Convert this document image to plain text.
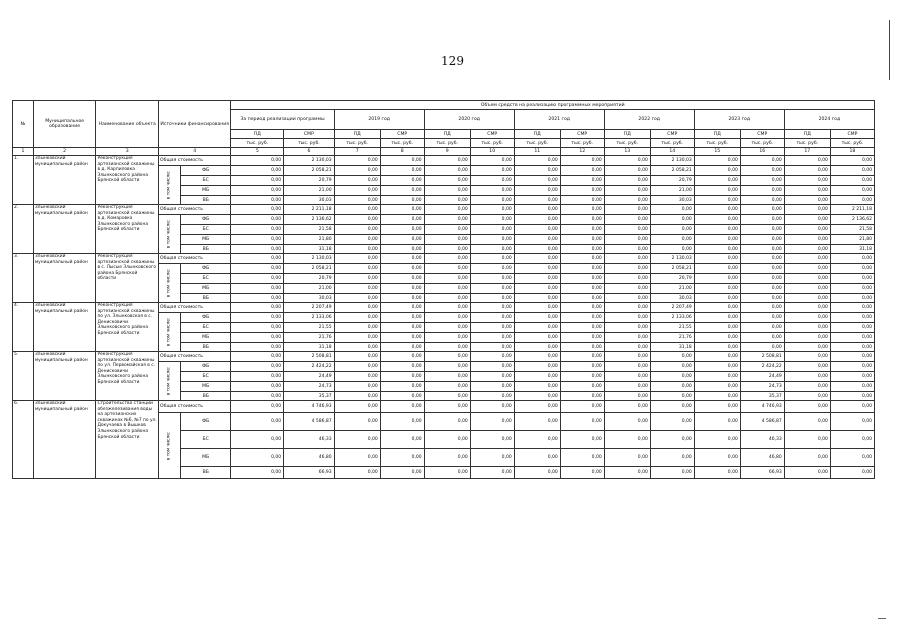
129
№	Муниципальное образование	Наименование объекта	Источники финансирования		Объем средств на реализацию программных мероприятий													
					За период реализации программы		2019 год		2020 год		2021 год		2022 год		2023 год		2024 год	
					ПД	СМР	ПД	СМР	ПД	СМР	ПД	СМР	ПД	СМР	ПД	СМР	ПД	СМР
					тыс. руб.	тыс. руб.	тыс. руб.	тыс. руб.	тыс. руб.	тыс. руб.	тыс. руб.	тыс. руб.	тыс. руб.	тыс. руб.	тыс. руб.	тыс. руб.	тыс. руб.	тыс. руб.
1	2	3	4		5	6	7	8	9	10	11	12	13	14	15	16	17	18
1.	Злынковский муниципальный район	Реконструкция артезианской скважины в д. Карпиловка Злынковского района Брянской области	Общая стоимость		0,00	2 130,03	0,00	0,00	0,00	0,00	0,00	0,00	0,00	2 130,03	0,00	0,00	0,00	0,00

			в том числе:	ФБ	0,00	2 058,21	0,00	0,00	0,00	0,00	0,00	0,00	0,00	2 058,21	0,00	0,00	0,00	0,00
				БС	0,00	20,79	0,00	0,00	0,00	0,00	0,00	0,00	0,00	20,79	0,00	0,00	0,00	0,00
				МБ	0,00	21,00	0,00	0,00	0,00	0,00	0,00	0,00	0,00	21,00	0,00	0,00	0,00	0,00
				ВБ	0,00	30,03	0,00	0,00	0,00	0,00	0,00	0,00	0,00	30,03	0,00	0,00	0,00	0,00
2.	Злынковский муниципальный район	Реконструкция артезианской скважины в д. Комаровка Злынковского района Брянской области	Общая стоимость		0,00	2 211,18	0,00	0,00	0,00	0,00	0,00	0,00	0,00	0,00	0,00	0,00	0,00	2 211,18

			в том числе:	ФБ	0,00	2 136,62	0,00	0,00	0,00	0,00	0,00	0,00	0,00	0,00	0,00	0,00	0,00	2 136,62
				БС	0,00	21,58	0,00	0,00	0,00	0,00	0,00	0,00	0,00	0,00	0,00	0,00	0,00	21,58
				МБ	0,00	21,80	0,00	0,00	0,00	0,00	0,00	0,00	0,00	0,00	0,00	0,00	0,00	21,80
				ВБ	0,00	31,18	0,00	0,00	0,00	0,00	0,00	0,00	0,00	0,00	0,00	0,00	0,00	31,18
3.	Злынковский муниципальный район	Реконструкция артезианской скважины в с. Лысые Злынковского района Брянской области	Общая стоимость		0,00	2 130,03	0,00	0,00	0,00	0,00	0,00	0,00	0,00	2 130,03	0,00	0,00	0,00	0,00

			в том числе:	ФБ	0,00	2 058,21	0,00	0,00	0,00	0,00	0,00	0,00	0,00	2 058,21	0,00	0,00	0,00	0,00
				БС	0,00	20,79	0,00	0,00	0,00	0,00	0,00	0,00	0,00	20,79	0,00	0,00	0,00	0,00
				МБ	0,00	21,00	0,00	0,00	0,00	0,00	0,00	0,00	0,00	21,00	0,00	0,00	0,00	0,00
				ВБ	0,00	30,03	0,00	0,00	0,00	0,00	0,00	0,00	0,00	30,03	0,00	0,00	0,00	0,00
4.	Злынковский муниципальный район	Реконструкция артезианской скважины по ул. Злынковская в с. Денисковичи Злынковского района Брянской области	Общая стоимость		0,00	2 207,49	0,00	0,00	0,00	0,00	0,00	0,00	0,00	2 207,49	0,00	0,00	0,00	0,00

			в том числе:	ФБ	0,00	2 133,06	0,00	0,00	0,00	0,00	0,00	0,00	0,00	2 133,06	0,00	0,00	0,00	0,00
				БС	0,00	21,55	0,00	0,00	0,00	0,00	0,00	0,00	0,00	21,55	0,00	0,00	0,00	0,00
				МБ	0,00	21,76	0,00	0,00	0,00	0,00	0,00	0,00	0,00	21,76	0,00	0,00	0,00	0,00
				ВБ	0,00	31,18	0,00	0,00	0,00	0,00	0,00	0,00	0,00	31,18	0,00	0,00	0,00	0,00
5.	Злынковский муниципальный район	Реконструкция артезианской скважины по ул. Первомайская в с. Денисковичи Злынковского района Брянской области	Общая стоимость		0,00	2 508,81	0,00	0,00	0,00	0,00	0,00	0,00	0,00	0,00	0,00	2 508,81	0,00	0,00

			в том числе:	ФБ	0,00	2 424,22	0,00	0,00	0,00	0,00	0,00	0,00	0,00	0,00	0,00	2 424,22	0,00	0,00
				БС	0,00	24,49	0,00	0,00	0,00	0,00	0,00	0,00	0,00	0,00	0,00	24,49	0,00	0,00
				МБ	0,00	24,73	0,00	0,00	0,00	0,00	0,00	0,00	0,00	0,00	0,00	24,73	0,00	0,00
				ВБ	0,00	35,37	0,00	0,00	0,00	0,00	0,00	0,00	0,00	0,00	0,00	35,37	0,00	0,00
6.	Злынковский муниципальный район	Строительство станции обезжелезивания воды на артезианских скважинах №6, №7 по ул. Докучаева в Вышков Злынковского района Брянской области	Общая стоимость		0,00	4 746,93	0,00	0,00	0,00	0,00	0,00	0,00	0,00	0,00	0,00	4 746,93	0,00	0,00

			в том числе:	ФБ	0,00	4 586,87	0,00	0,00	0,00	0,00	0,00	0,00	0,00	0,00	0,00	4 586,87	0,00	0,00
				БС	0,00	46,33	0,00	0,00	0,00	0,00	0,00	0,00	0,00	0,00	0,00	46,33	0,00	0,00
				МБ	0,00	46,80	0,00	0,00	0,00	0,00	0,00	0,00	0,00	0,00	0,00	46,80	0,00	0,00
				ВБ	0,00	66,93	0,00	0,00	0,00	0,00	0,00	0,00	0,00	0,00	0,00	66,93	0,00	0,00
